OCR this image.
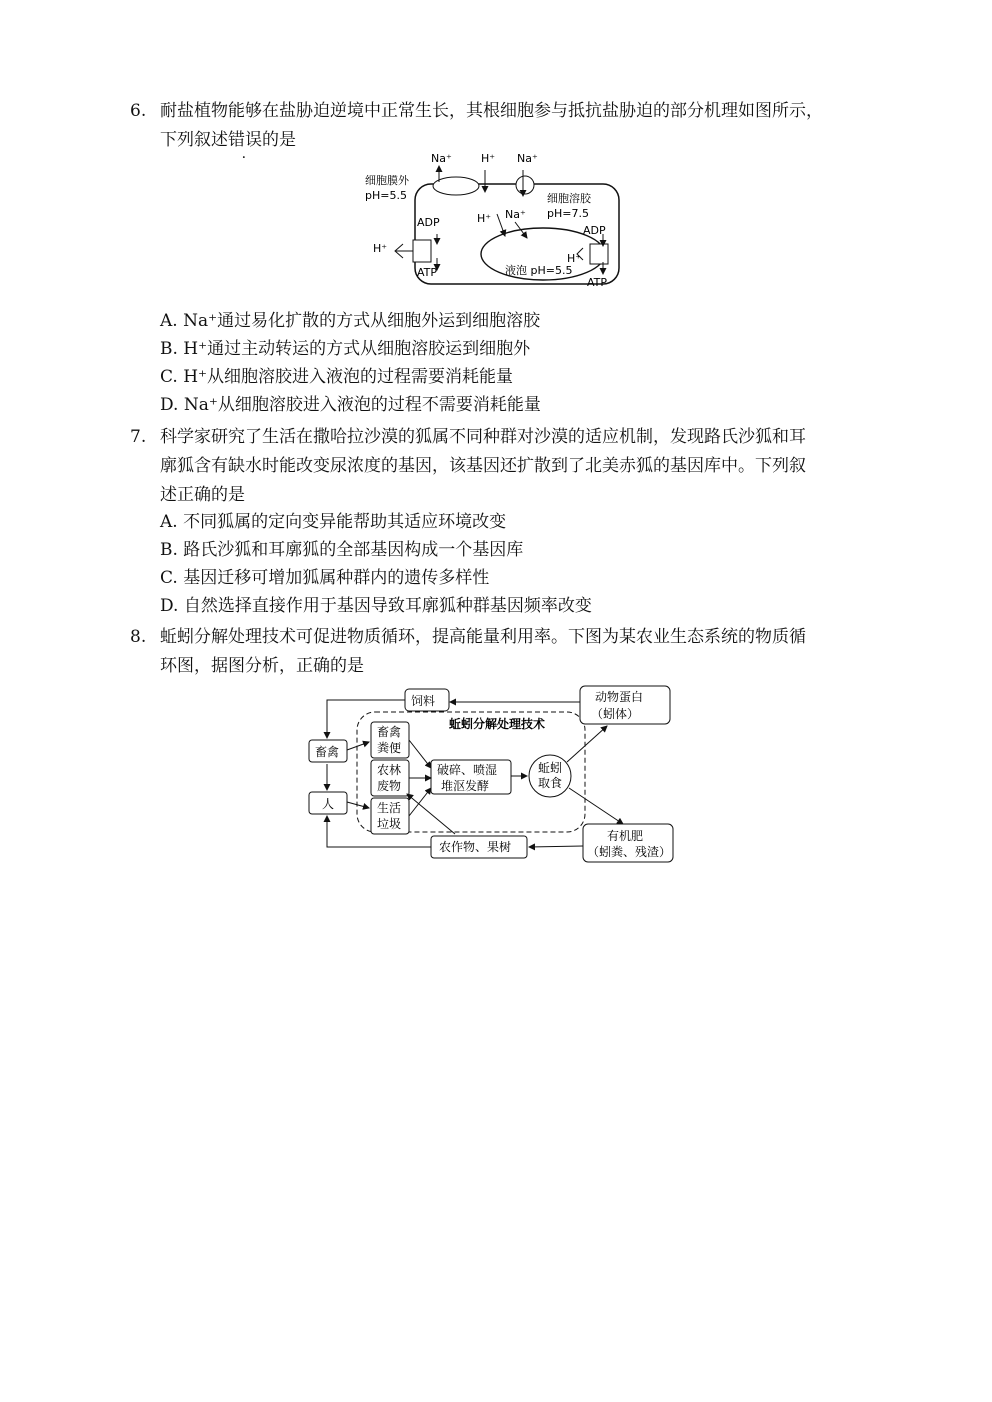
6. 耐盐植物能够在盐胁迫逆境中正常生长，其根细胞参与抵抗盐胁迫的部分机理如图所示，
下列叙述错误的是
Na⁺	H⁺ Na⁺
细胞膜外
pH=5.5	细胞溶胶
pH=7.5
ADP
ATP
H⁺
H⁺ Na⁺
ADP
ATP
H⁺
液泡 pH=5.5
A. Na⁺通过易化扩散的方式从细胞外运到细胞溶胶
B. H⁺通过主动转运的方式从细胞溶胶运到细胞外
C. H⁺从细胞溶胶进入液泡的过程需要消耗能量
D. Na⁺从细胞溶胶进入液泡的过程不需要消耗能量
7. 科学家研究了生活在撒哈拉沙漠的狐属不同种群对沙漠的适应机制，发现路氏沙狐和耳
廓狐含有缺水时能改变尿浓度的基因，该基因还扩散到了北美赤狐的基因库中。下列叙
述正确的是
A. 不同狐属的定向变异能帮助其适应环境改变
B. 路氏沙狐和耳廓狐的全部基因构成一个基因库
C. 基因迁移可增加狐属种群内的遗传多样性
D. 自然选择直接作用于基因导致耳廓狐种群基因频率改变
8. 蚯蚓分解处理技术可促进物质循环，提高能量利用率。下图为某农业生态系统的物质循
环图，据图分析，正确的是
饲料	动物蛋白
（蚓体）
蚯蚓分解处理技术
畜禽
畜禽
粪便
农林
废物
破碎、喷湿
堆沤发酵
蚯蚓
取食
人	生活
垃圾
农作物、果树
有机肥
（蚓粪、残渣）
